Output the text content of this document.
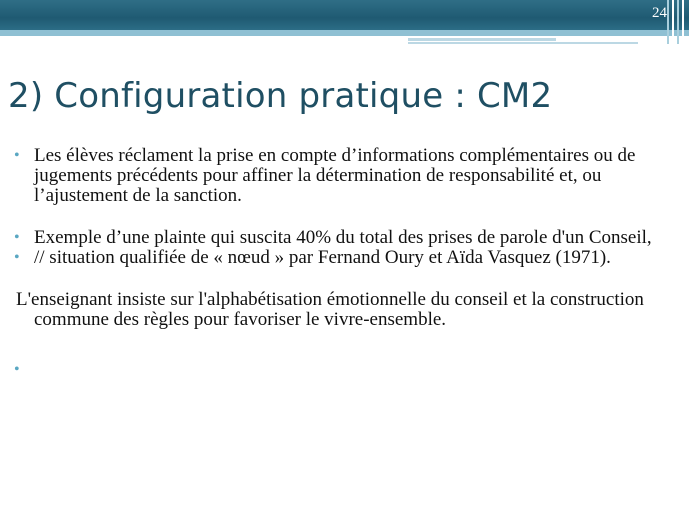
24
2) Configuration pratique : CM2

• Les élèves réclament la prise en compte d’informations complémentaires ou de jugements précédents pour affiner la détermination de responsabilité et, ou l’ajustement de la sanction.

• Exemple d’une plainte qui suscita 40% du total des prises de parole d'un Conseil,

• // situation qualifiée de « nœud » par Fernand Oury et Aïda Vasquez (1971).

L'enseignant insiste sur l'alphabétisation émotionnelle du conseil et la construction commune des règles pour favoriser le vivre-ensemble.

•
